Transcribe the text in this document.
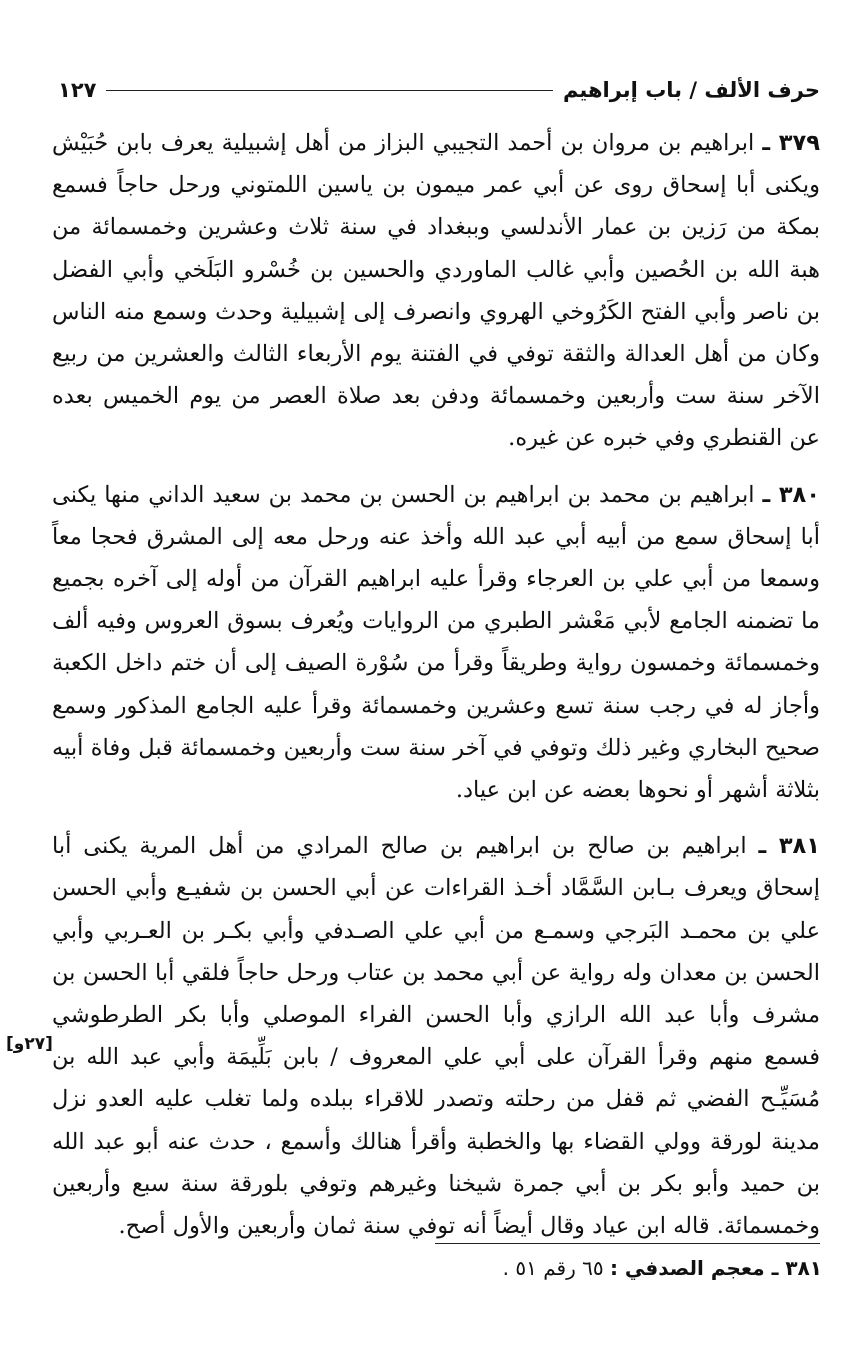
حرف الألف / باب إبراهيم
١٢٧

٣٧٩ ـ ابراهيم بن مروان بن أحمد التجيبي البزاز من أهل إشبيلية يعرف بابن حُبَيْش ويكنى أبا إسحاق روى عن أبي عمر ميمون بن ياسين اللمتوني ورحل حاجاً فسمع بمكة من رَزين بن عمار الأندلسي وببغداد في سنة ثلاث وعشرين وخمسمائة من هبة الله بن الحُصين وأبي غالب الماوردي والحسين بن خُسْرو البَلَخي وأبي الفضل بن ناصر وأبي الفتح الكَرُوخي الهروي وانصرف إلى إشبيلية وحدث وسمع منه الناس وكان من أهل العدالة والثقة توفي في الفتنة يوم الأربعاء الثالث والعشرين من ربيع الآخر سنة ست وأربعين وخمسمائة ودفن بعد صلاة العصر من يوم الخميس بعده عن القنطري وفي خبره عن غيره.

٣٨٠ ـ ابراهيم بن محمد بن ابراهيم بن الحسن بن محمد بن سعيد الداني منها يكنى أبا إسحاق سمع من أبيه أبي عبد الله وأخذ عنه ورحل معه إلى المشرق فحجا معاً وسمعا من أبي علي بن العرجاء وقرأ عليه ابراهيم القرآن من أوله إلى آخره بجميع ما تضمنه الجامع لأبي مَعْشر الطبري من الروايات ويُعرف بسوق العروس وفيه ألف وخمسمائة وخمسون رواية وطريقاً وقرأ من سُوْرة الصيف إلى أن ختم داخل الكعبة وأجاز له في رجب سنة تسع وعشرين وخمسمائة وقرأ عليه الجامع المذكور وسمع صحيح البخاري وغير ذلك وتوفي في آخر سنة ست وأربعين وخمسمائة قبل وفاة أبيه بثلاثة أشهر أو نحوها بعضه عن ابن عياد.

٣٨١ ـ ابراهيم بن صالح بن ابراهيم بن صالح المرادي من أهل المرية يكنى أبا إسحاق ويعرف بـابن السَّمَّاد أخـذ القراءات عن أبي الحسن بن شفيـع وأبي الحسن علي بن محمـد البَرجي وسمـع من أبي علي الصـدفي وأبي بكـر بن العـربي وأبي الحسن بن معدان وله رواية عن أبي محمد بن عتاب ورحل حاجاً فلقي أبا الحسن بن مشرف وأبا عبد الله الرازي وأبا الحسن الفراء الموصلي وأبا بكر الطرطوشي فسمع منهم وقرأ القرآن على أبي علي المعروف / بابن بَلِّيمَة وأبي عبد الله بن مُسَيِّـح الفضي ثم قفل من رحلته وتصدر للاقراء ببلده ولما تغلب عليه العدو نزل مدينة لورقة وولي القضاء بها والخطبة وأقرأ هنالك وأسمع ، حدث عنه أبو عبد الله بن حميد وأبو بكر بن أبي جمرة شيخنا وغيرهم وتوفي بلورقة سنة سبع وأربعين وخمسمائة. قاله ابن عياد وقال أيضاً أنه توفي سنة ثمان وأربعين والأول أصح.

[٢٧و]
٣٨١ ـ معجم الصدفي : ٦٥ رقم ٥١ .
